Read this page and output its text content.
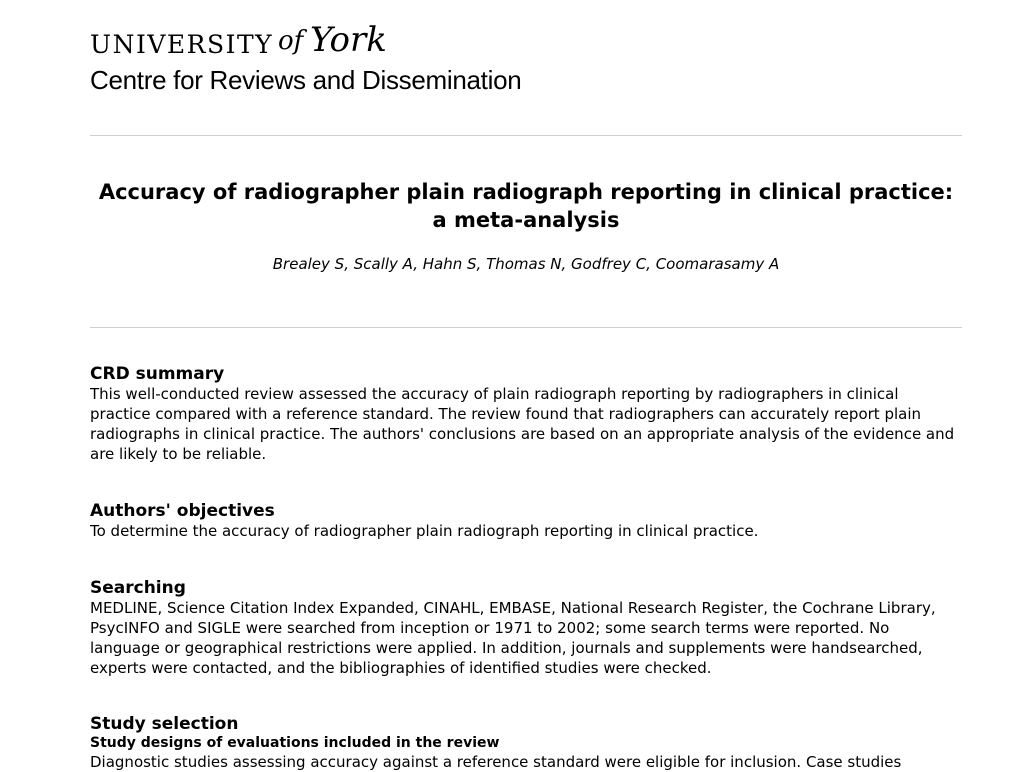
UNIVERSITY of York
Centre for Reviews and Dissemination
Accuracy of radiographer plain radiograph reporting in clinical practice: a meta-analysis
Brealey S, Scally A, Hahn S, Thomas N, Godfrey C, Coomarasamy A
CRD summary

This well-conducted review assessed the accuracy of plain radiograph reporting by radiographers in clinical practice compared with a reference standard. The review found that radiographers can accurately report plain radiographs in clinical practice. The authors' conclusions are based on an appropriate analysis of the evidence and are likely to be reliable.

Authors' objectives

To determine the accuracy of radiographer plain radiograph reporting in clinical practice.

Searching

MEDLINE, Science Citation Index Expanded, CINAHL, EMBASE, National Research Register, the Cochrane Library, PsycINFO and SIGLE were searched from inception or 1971 to 2002; some search terms were reported. No language or geographical restrictions were applied. In addition, journals and supplements were handsearched, experts were contacted, and the bibliographies of identified studies were checked.

Study selection
Study designs of evaluations included in the review

Diagnostic studies assessing accuracy against a reference standard were eligible for inclusion. Case studies
